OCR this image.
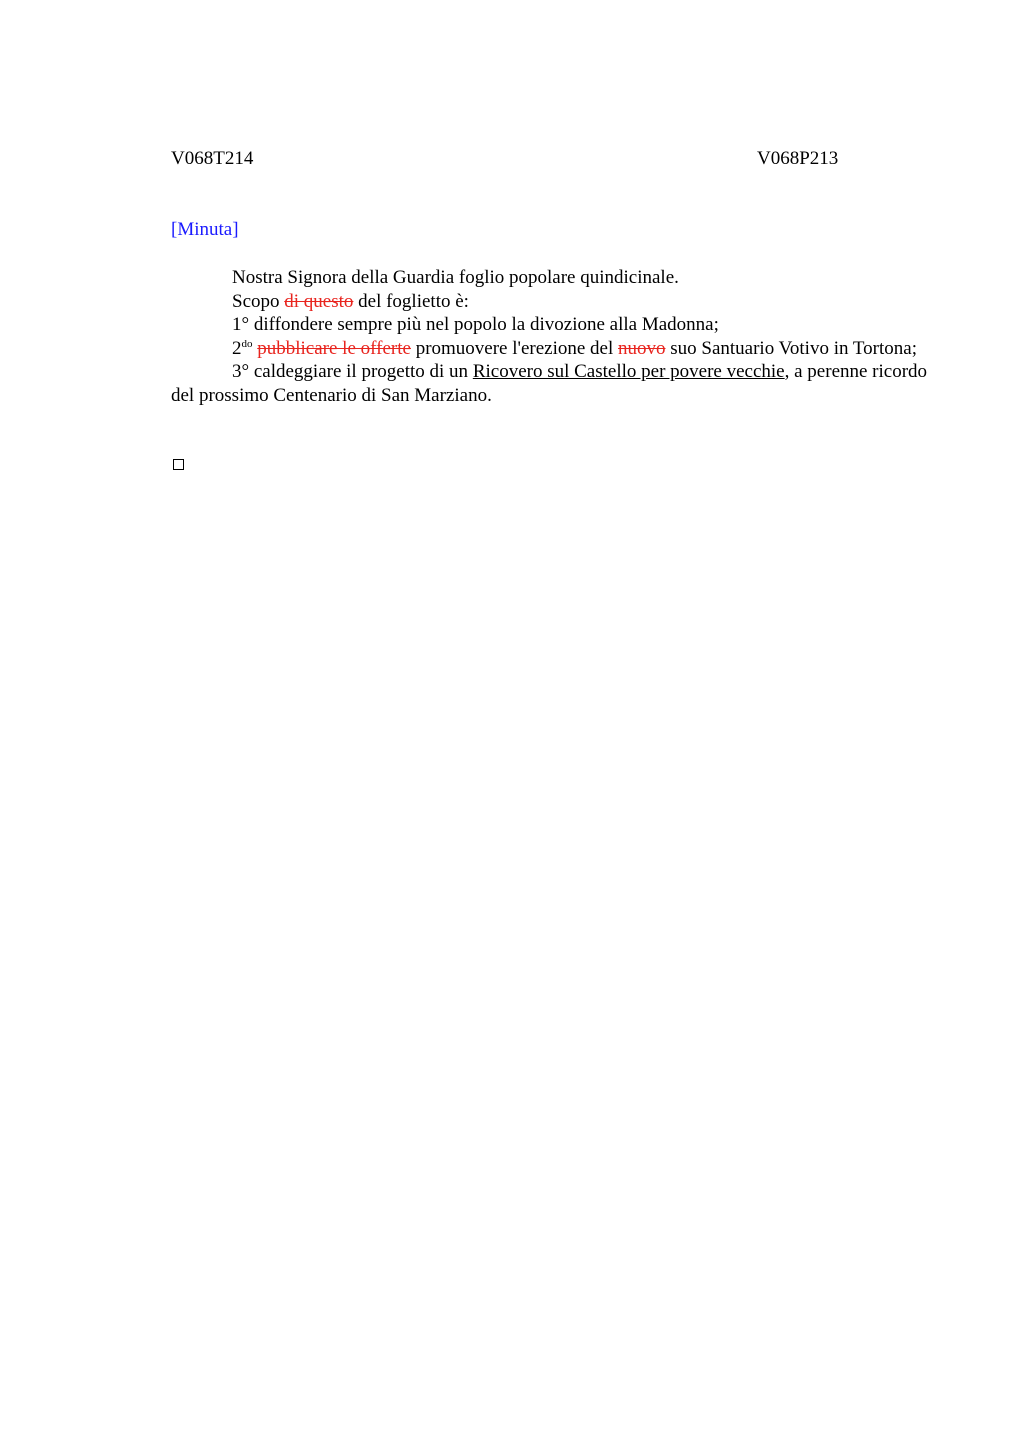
V068T214	V068P213
[Minuta]

Nostra Signora della Guardia foglio popolare quindicinale.

Scopo di questo del foglietto è:

1° diffondere sempre più nel popolo la divozione alla Madonna;

$2^{do}$ pubblicare le offerte promuovere l'erezione del nuovo suo Santuario Votivo in Tortona;

3° caldeggiare il progetto di un Ricovero sul Castello per povere vecchie, a perenne ricordo del prossimo Centenario di San Marziano.
